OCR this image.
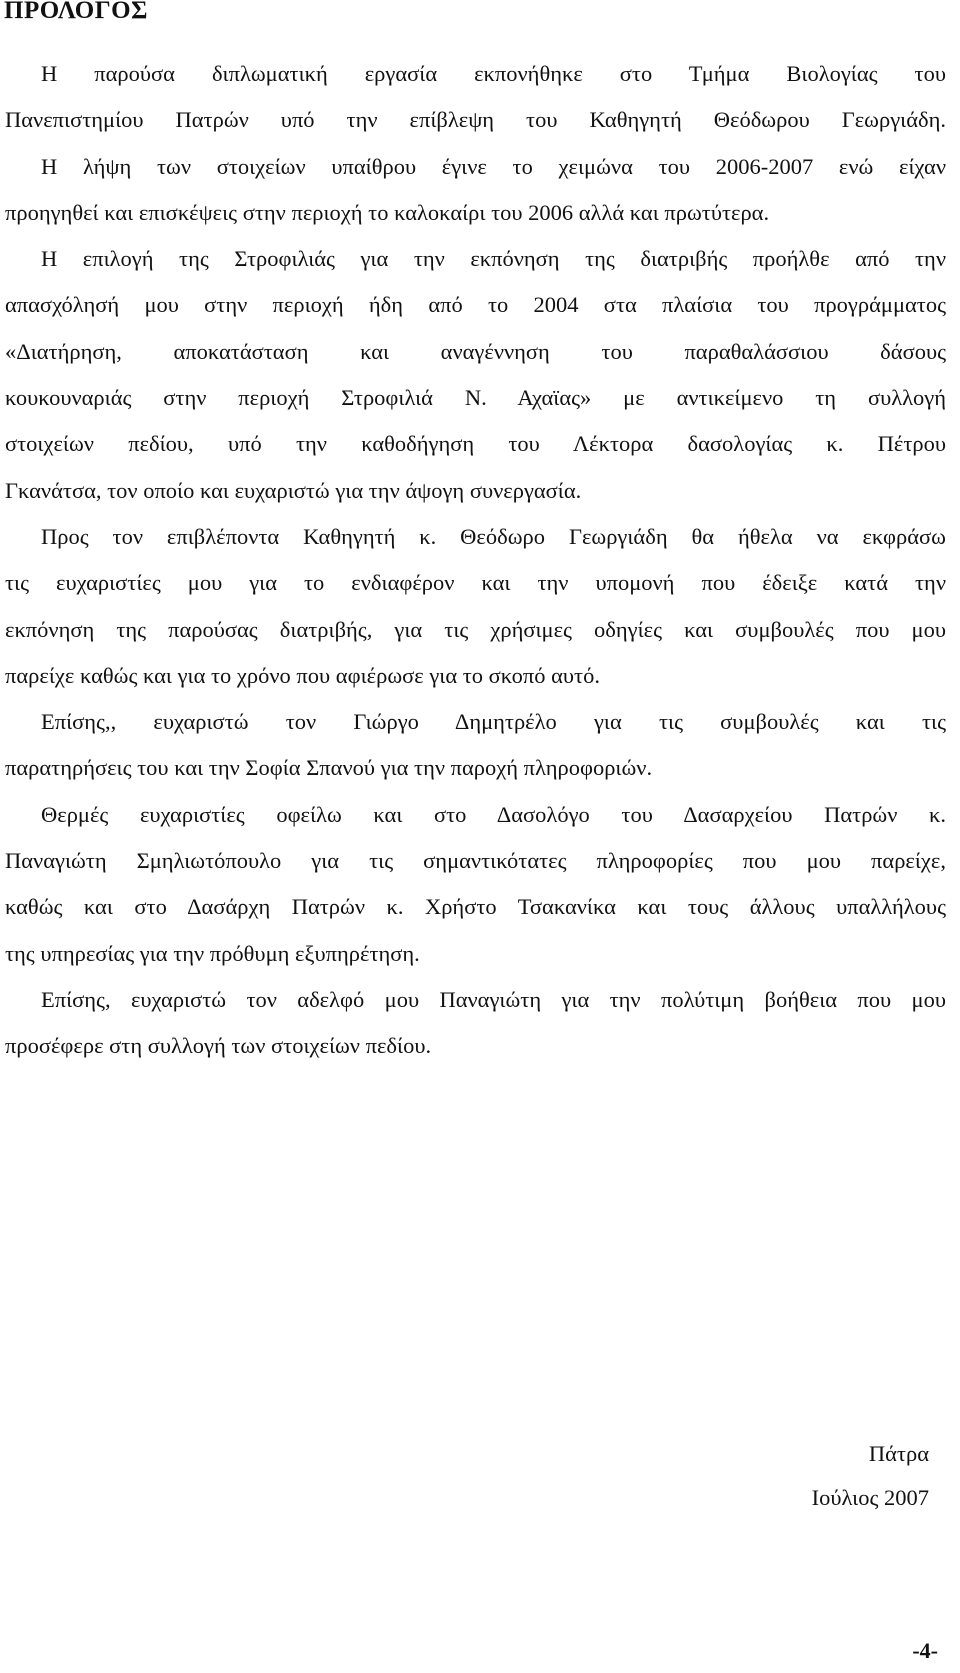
ΠΡΟΛΟΓΟΣ
Η παρούσα διπλωματική εργασία εκπονήθηκε στο Τμήμα Βιολογίας του
Πανεπιστημίου Πατρών υπό την επίβλεψη του Καθηγητή Θεόδωρου Γεωργιάδη.
Η λήψη των στοιχείων υπαίθρου έγινε το χειμώνα του 2006-2007 ενώ είχαν
προηγηθεί και επισκέψεις στην περιοχή το καλοκαίρι του 2006 αλλά και πρωτύτερα.
Η επιλογή της Στροφιλιάς για την εκπόνηση της διατριβής προήλθε από την
απασχόλησή μου στην περιοχή ήδη από το 2004 στα πλαίσια του προγράμματος
«Διατήρηση, αποκατάσταση και αναγέννηση του παραθαλάσσιου δάσους
κουκουναριάς στην περιοχή Στροφιλιά Ν. Αχαϊας» με αντικείμενο τη συλλογή
στοιχείων πεδίου, υπό την καθοδήγηση του Λέκτορα δασολογίας κ. Πέτρου
Γκανάτσα, τον οποίο και ευχαριστώ για την άψογη συνεργασία.
Προς τον επιβλέποντα Καθηγητή κ. Θεόδωρο Γεωργιάδη θα ήθελα να εκφράσω
τις ευχαριστίες μου για το ενδιαφέρον και την υπομονή που έδειξε κατά την
εκπόνηση της παρούσας διατριβής, για τις χρήσιμες οδηγίες και συμβουλές που μου
παρείχε καθώς και για το χρόνο που αφιέρωσε για το σκοπό αυτό.
Επίσης,, ευχαριστώ τον Γιώργο Δημητρέλο για τις συμβουλές και τις
παρατηρήσεις του και την Σοφία Σπανού για την παροχή πληροφοριών.
Θερμές ευχαριστίες οφείλω και στο Δασολόγο του Δασαρχείου Πατρών κ.
Παναγιώτη Σμηλιωτόπουλο για τις σημαντικότατες πληροφορίες που μου παρείχε,
καθώς και στο Δασάρχη Πατρών κ. Χρήστο Τσακανίκα και τους άλλους υπαλλήλους
της υπηρεσίας για την πρόθυμη εξυπηρέτηση.
Επίσης, ευχαριστώ τον αδελφό μου Παναγιώτη για την πολύτιμη βοήθεια που μου
προσέφερε στη συλλογή των στοιχείων πεδίου.
Πάτρα
Ιούλιος 2007
-4-
